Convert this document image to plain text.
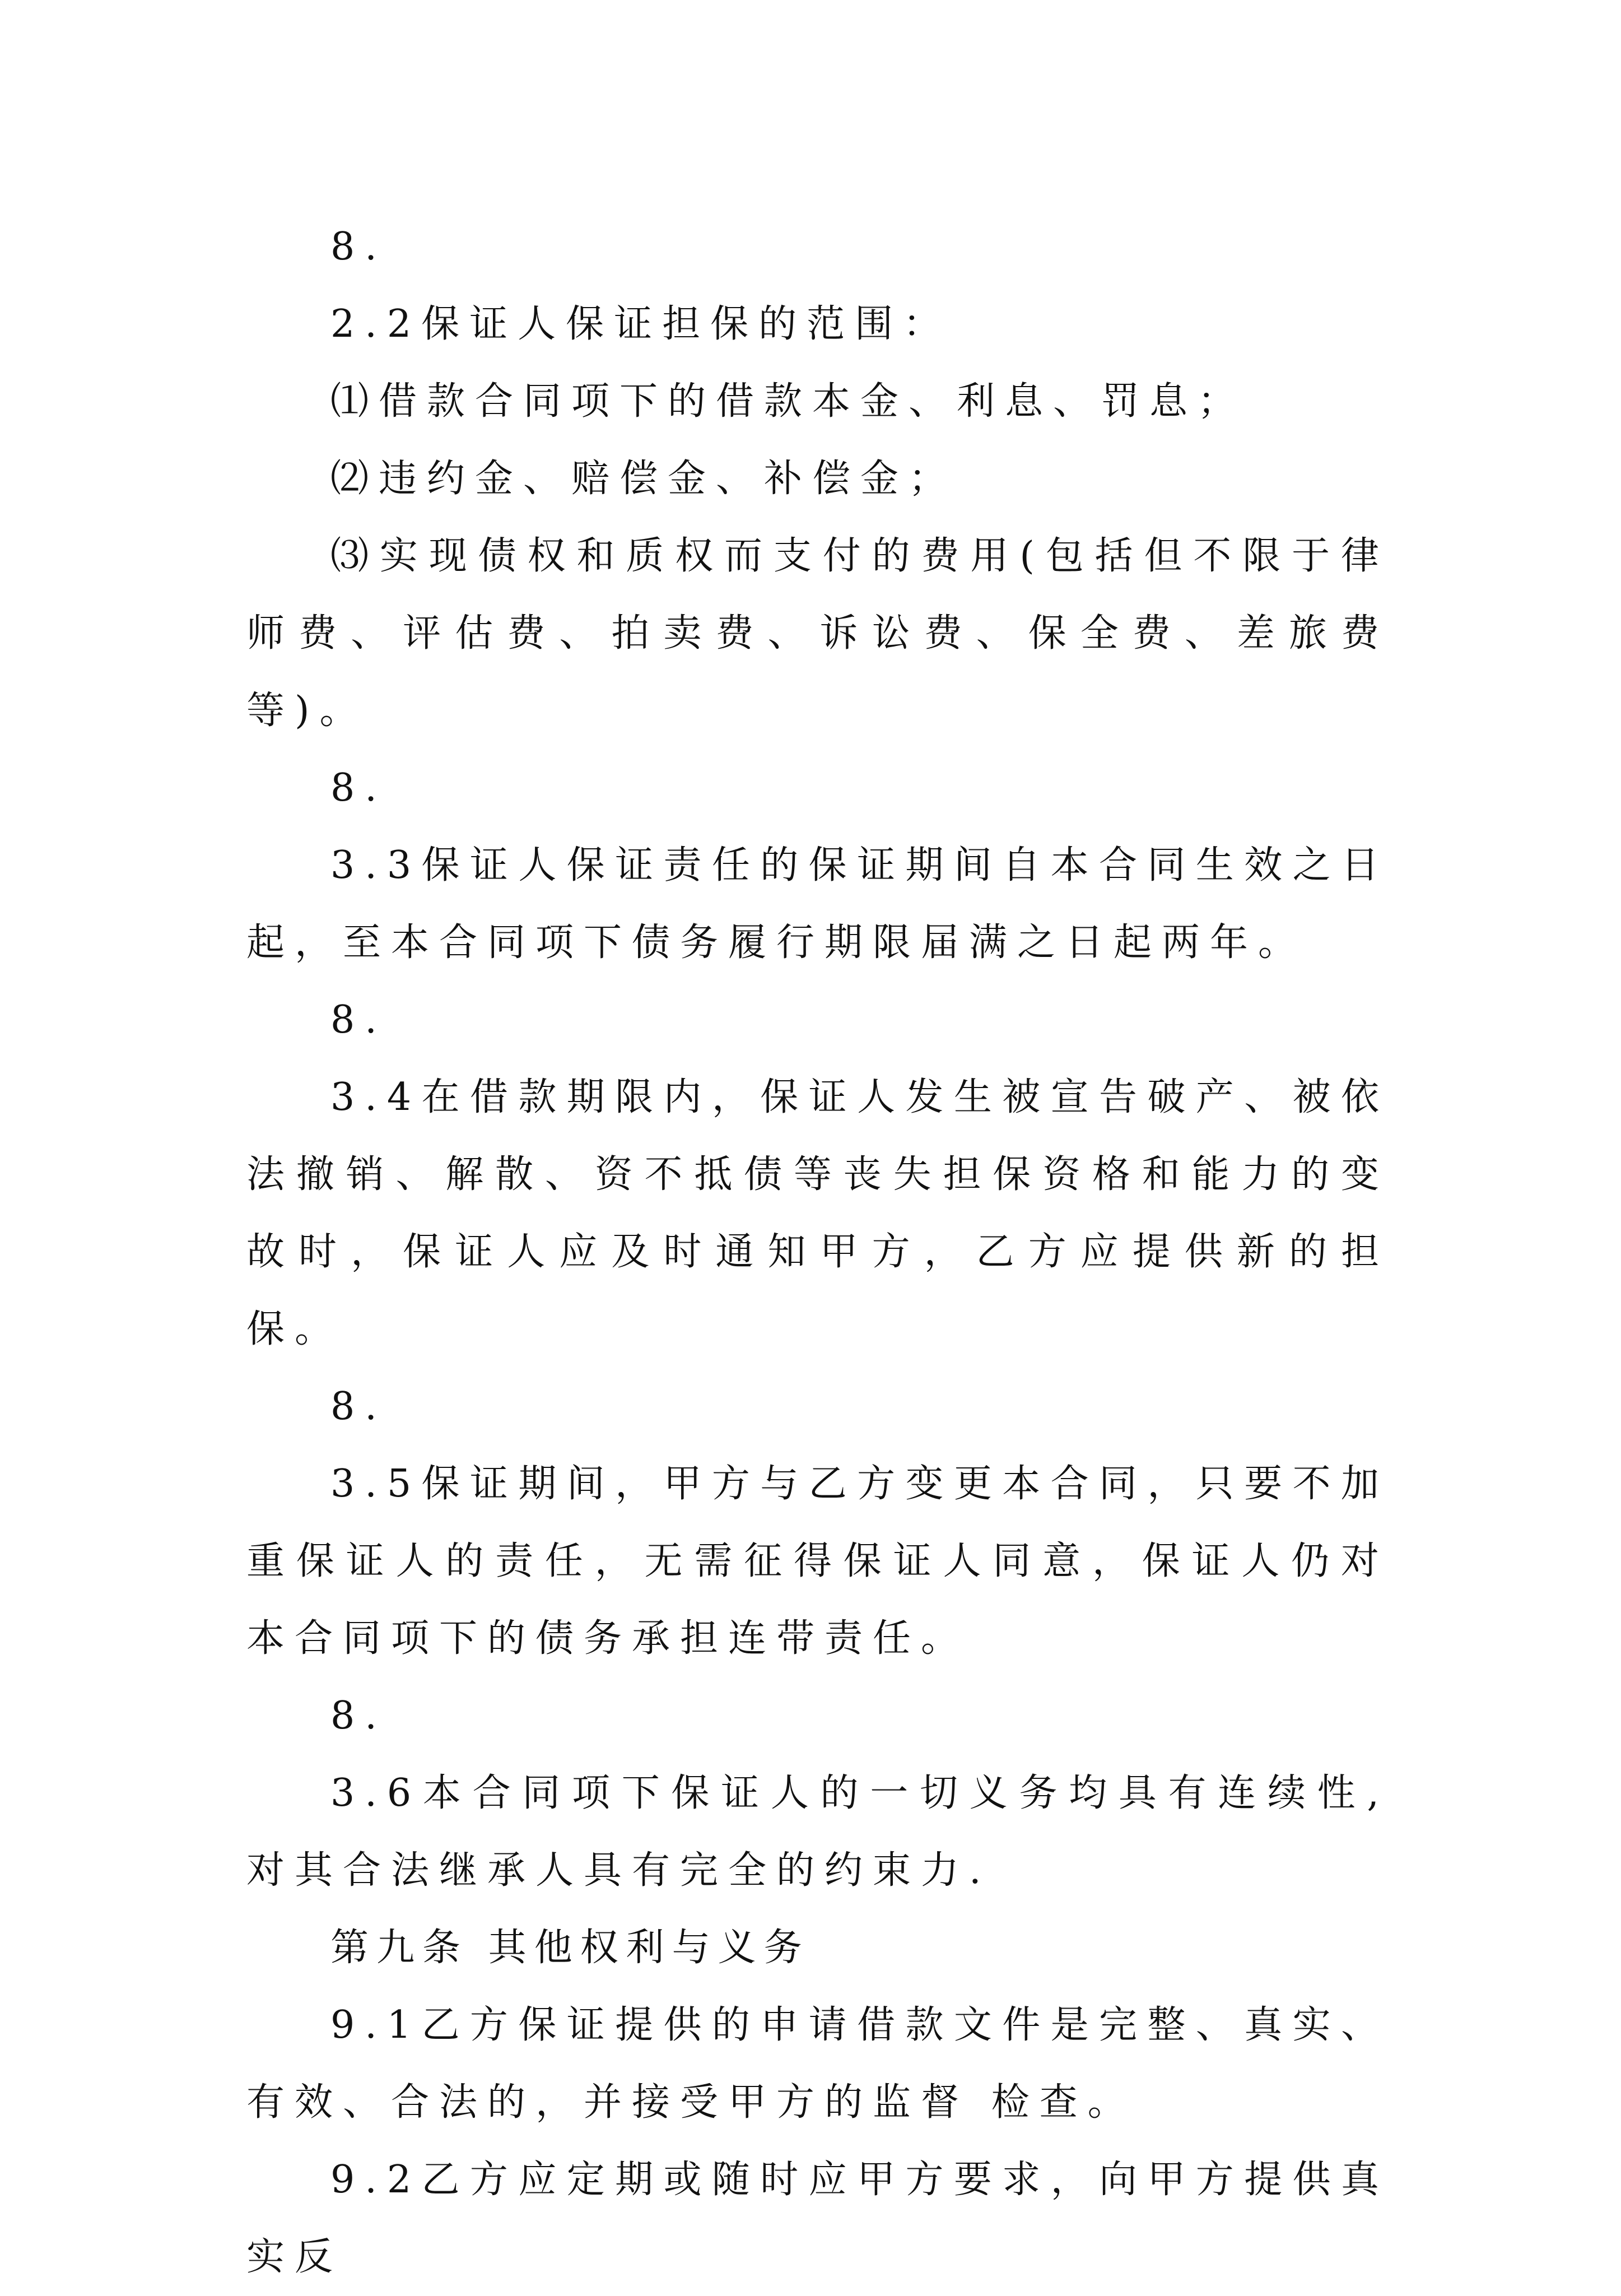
8.

2.2保证人保证担保的范围：

⑴借款合同项下的借款本金、利息、罚息；

⑵违约金、赔偿金、补偿金；

⑶实现债权和质权而支付的费用(包括但不限于律师费、评估费、拍卖费、诉讼费、保全费、差旅费等)。

8.

3.3保证人保证责任的保证期间自本合同生效之日起，至本合同项下债务履行期限届满之日起两年。

8.

3.4在借款期限内，保证人发生被宣告破产、被依法撤销、解散、资不抵债等丧失担保资格和能力的变故时，保证人应及时通知甲方，乙方应提供新的担保。

8.

3.5保证期间，甲方与乙方变更本合同，只要不加重保证人的责任，无需征得保证人同意，保证人仍对本合同项下的债务承担连带责任。

8.

3.6本合同项下保证人的一切义务均具有连续性,对其合法继承人具有完全的约束力.

第九条 其他权利与义务

9.1乙方保证提供的申请借款文件是完整、真实、有效、合法的，并接受甲方的监督 检查。

9.2乙方应定期或随时应甲方要求，向甲方提供真实反
